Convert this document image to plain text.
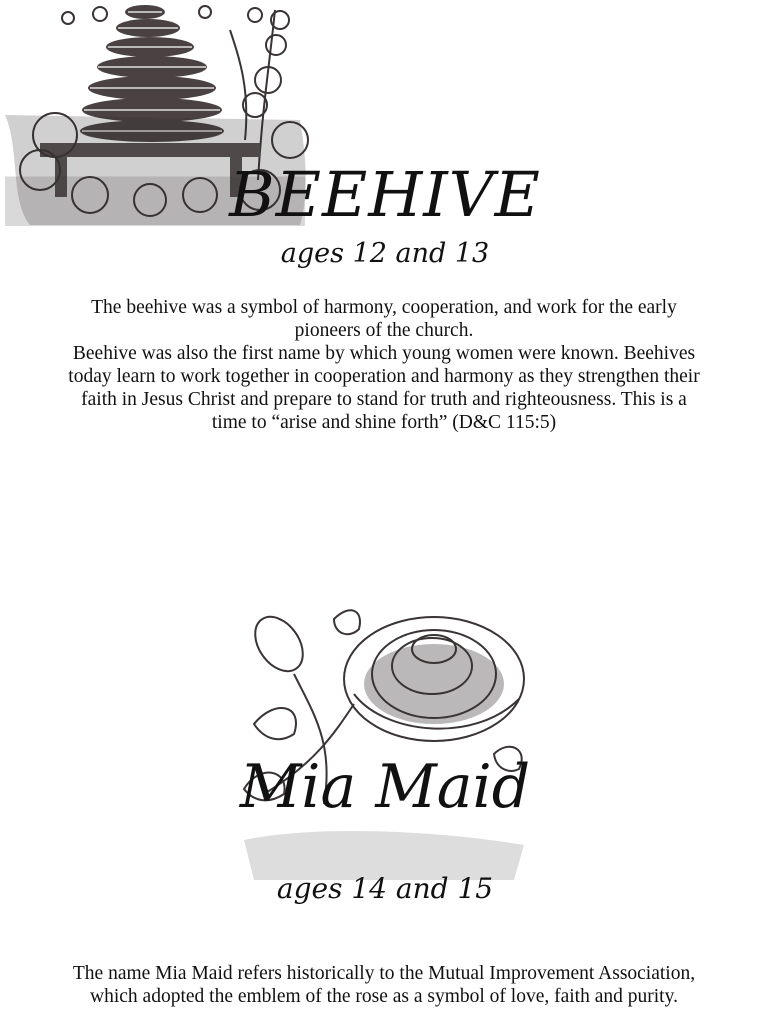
BEEHIVE
ages 12 and 13

The beehive was a symbol of harmony, cooperation, and work for the early pioneers of the church.

Beehive was also the first name by which young women were known. Beehives today learn to work together in cooperation and harmony as they strengthen their faith in Jesus Christ and prepare to stand for truth and righteousness. This is a time to “arise and shine forth” (D&C 115:5)

Mia Maid
ages 14 and 15
The name Mia Maid refers historically to the Mutual Improvement Association, which adopted the emblem of the rose as a symbol of love, faith and purity.
